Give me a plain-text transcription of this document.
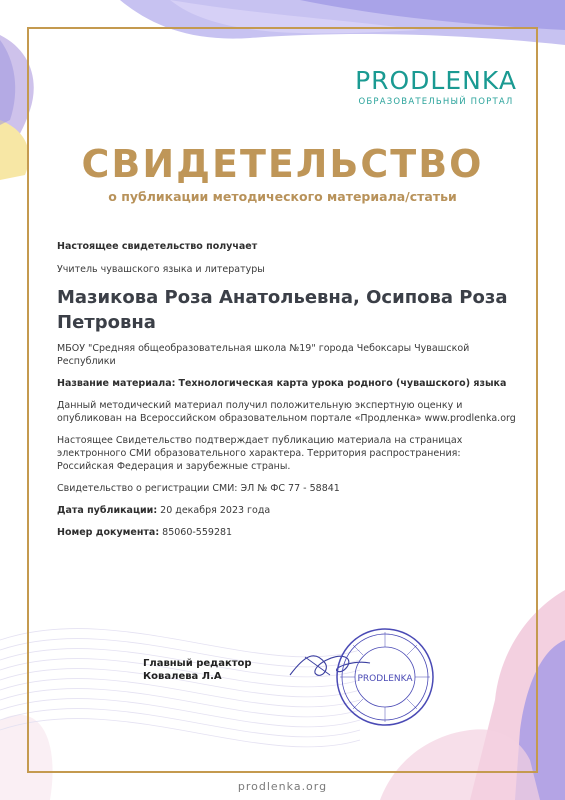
PRODLENKA
ОБРАЗОВАТЕЛЬНЫЙ ПОРТАЛ
СВИДЕТЕЛЬСТВО
о публикации методического материала/статьи

Настоящее свидетельство получает

Учитель чувашского языка и литературы

Мазикова Роза Анатольевна, Осипова Роза

Петровна

МБОУ "Средняя общеобразовательная школа №19" города Чебоксары Чувашской Республики

Название материала: Технологическая карта урока родного (чувашского) языка

Данный методический материал получил положительную экспертную оценку и опубликован на Всероссийском образовательном портале «Продленка» www.prodlenka.org

Настоящее Свидетельство подтверждает публикацию материала на страницах электронного СМИ образовательного характера. Территория распространения: Российская Федерация и зарубежные страны.

Свидетельство о регистрации СМИ: ЭЛ № ФС 77 - 58841

Дата публикации: 20 декабря 2023 года

Номер документа: 85060-559281

Главный редактор
Ковалева Л.А	PRODLENKA
prodlenka.org
